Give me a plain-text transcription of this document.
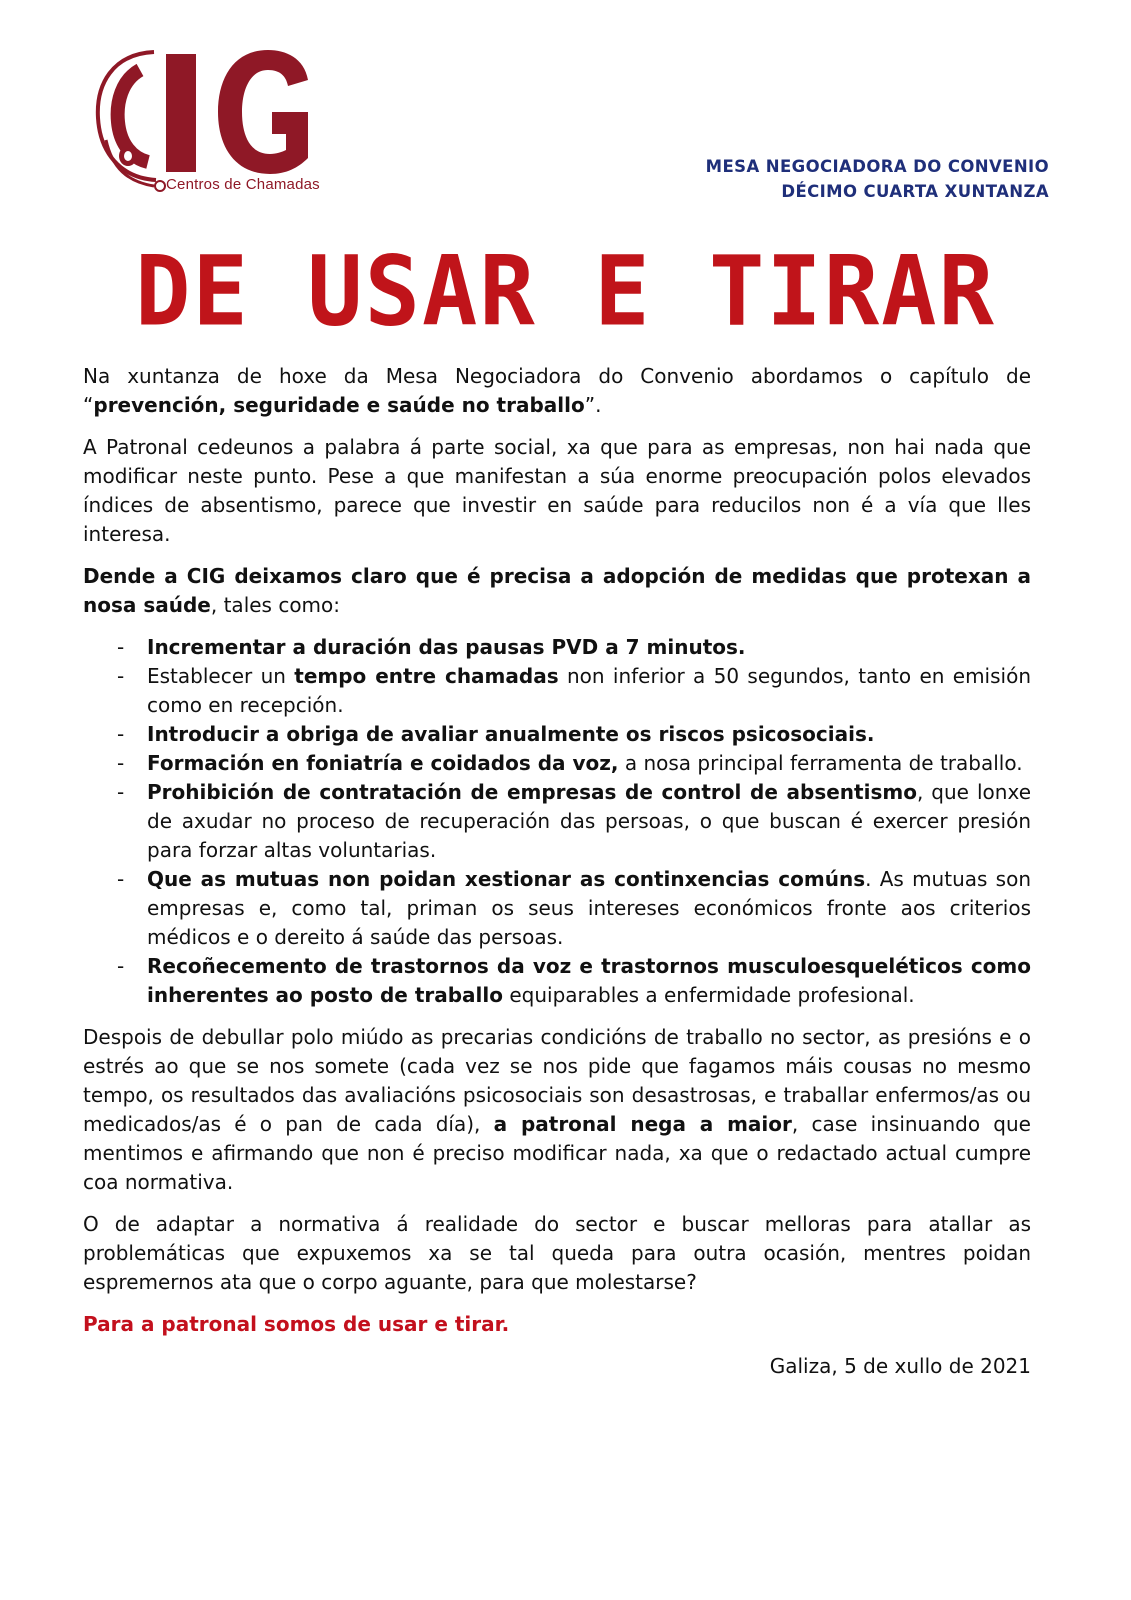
Centros de Chamadas
MESA NEGOCIADORA DO CONVENIO
DÉCIMO CUARTA XUNTANZA
DE USAR E TIRAR

Na xuntanza de hoxe da Mesa Negociadora do Convenio abordamos o capítulo de “prevención, seguridade e saúde no traballo”.

A Patronal cedeunos a palabra á parte social, xa que para as empresas, non hai nada que modificar neste punto. Pese a que manifestan a súa enorme preocupación polos elevados índices de absentismo, parece que investir en saúde para reducilos non é a vía que lles interesa.

Dende a CIG deixamos claro que é precisa a adopción de medidas que protexan a nosa saúde, tales como:

- Incrementar a duración das pausas PVD a 7 minutos.
- Establecer un tempo entre chamadas non inferior a 50 segundos, tanto en emisión como en recepción.
- Introducir a obriga de avaliar anualmente os riscos psicosociais.
- Formación en foniatría e coidados da voz, a nosa principal ferramenta de traballo.
- Prohibición de contratación de empresas de control de absentismo, que lonxe de axudar no proceso de recuperación das persoas, o que buscan é exercer presión para forzar altas voluntarias.
- Que as mutuas non poidan xestionar as continxencias comúns. As mutuas son empresas e, como tal, priman os seus intereses económicos fronte aos criterios médicos e o dereito á saúde das persoas.
- Recoñecemento de trastornos da voz e trastornos musculoesqueléticos como inherentes ao posto de traballo equiparables a enfermidade profesional.

Despois de debullar polo miúdo as precarias condicións de traballo no sector, as presións e o estrés ao que se nos somete (cada vez se nos pide que fagamos máis cousas no mesmo tempo, os resultados das avaliacións psicosociais son desastrosas, e traballar enfermos/as ou medicados/as é o pan de cada día), a patronal nega a maior, case insinuando que mentimos e afirmando que non é preciso modificar nada, xa que o redactado actual cumpre coa normativa.

O de adaptar a normativa á realidade do sector e buscar melloras para atallar as problemáticas que expuxemos xa se tal queda para outra ocasión, mentres poidan espremernos ata que o corpo aguante, para que molestarse?

Para a patronal somos de usar e tirar.

Galiza, 5 de xullo de 2021
